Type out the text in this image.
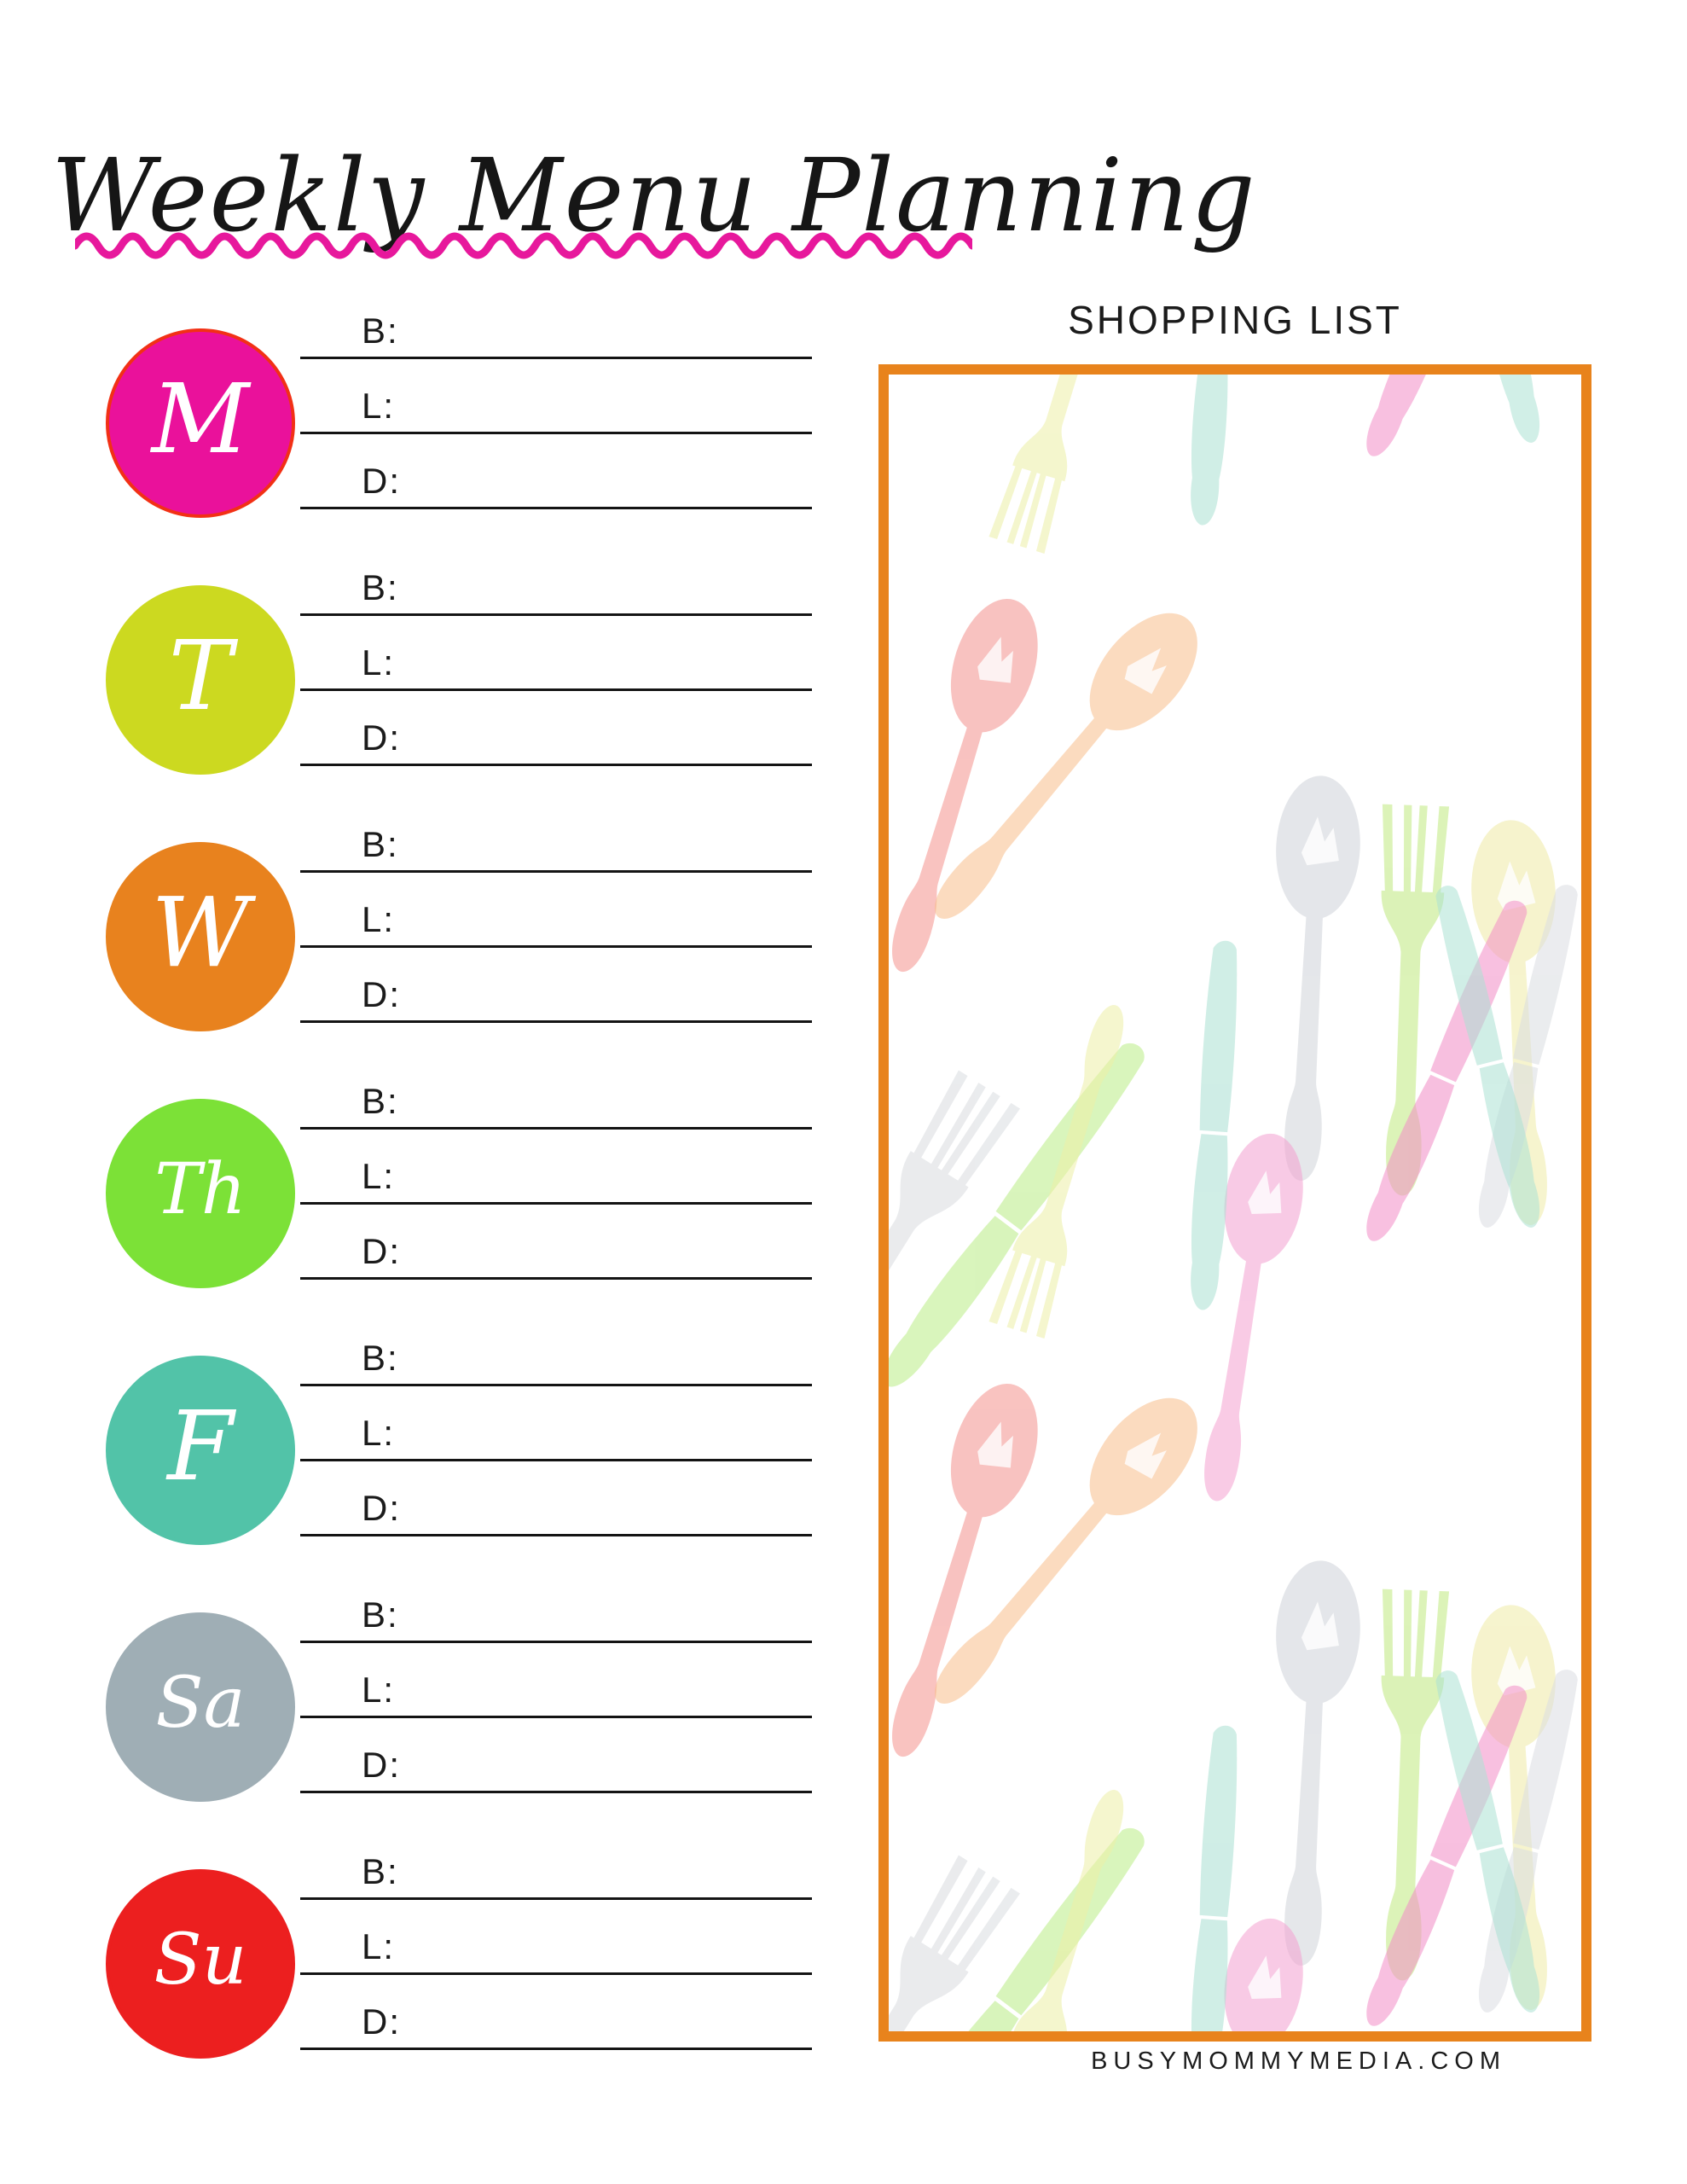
Weekly Menu Planning
M
B:
L:
D:
T
B:
L:
D:
W
B:
L:
D:
Th
B:
L:
D:
F
B:
L:
D:
Sa
B:
L:
D:
Su
B:
L:
D:
SHOPPING LIST
BUSYMOMMYMEDIA.COM
